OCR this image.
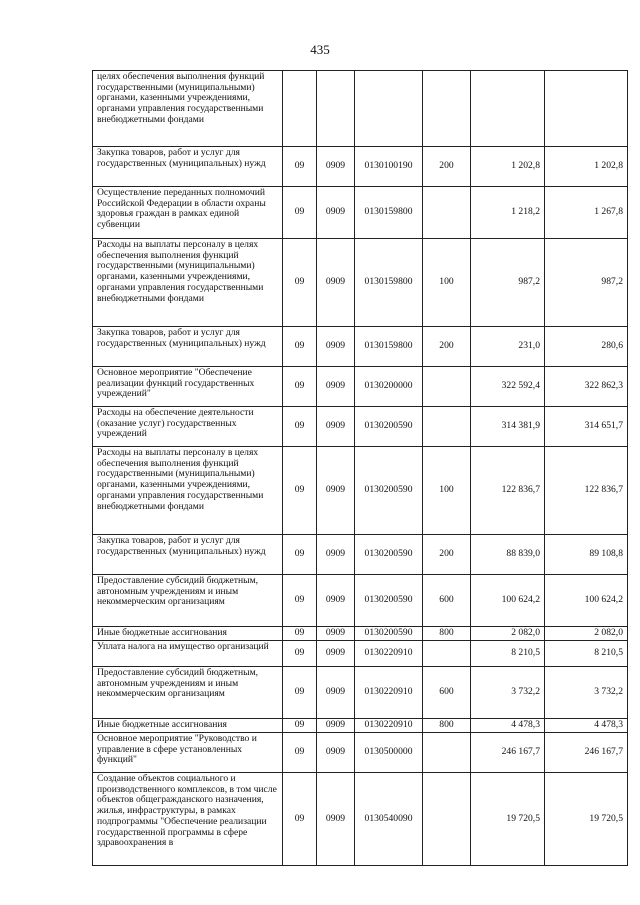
435
целях обеспечения выполнения функций государственными (муниципальными) органами, казенными учреждениями, органами управления государственными внебюджетными фондами						
Закупка товаров, работ и услуг для государственных (муниципальных) нужд	09	0909	0130100190	200	1 202,8	1 202,8
Осуществление переданных полномочий Российской Федерации в области охраны здоровья граждан в рамках единой субвенции	09	0909	0130159800		1 218,2	1 267,8
Расходы на выплаты персоналу в целях обеспечения выполнения функций государственными (муниципальными) органами, казенными учреждениями, органами управления государственными внебюджетными фондами	09	0909	0130159800	100	987,2	987,2
Закупка товаров, работ и услуг для государственных (муниципальных) нужд	09	0909	0130159800	200	231,0	280,6
Основное мероприятие "Обеспечение реализации функций государственных учреждений"	09	0909	0130200000		322 592,4	322 862,3
Расходы на обеспечение деятельности (оказание услуг) государственных учреждений	09	0909	0130200590		314 381,9	314 651,7
Расходы на выплаты персоналу в целях обеспечения выполнения функций государственными (муниципальными) органами, казенными учреждениями, органами управления государственными внебюджетными фондами	09	0909	0130200590	100	122 836,7	122 836,7
Закупка товаров, работ и услуг для государственных (муниципальных) нужд	09	0909	0130200590	200	88 839,0	89 108,8
Предоставление субсидий бюджетным, автономным учреждениям и иным некоммерческим организациям	09	0909	0130200590	600	100 624,2	100 624,2
Иные бюджетные ассигнования	09	0909	0130200590	800	2 082,0	2 082,0
Уплата налога на имущество организаций	09	0909	0130220910		8 210,5	8 210,5
Предоставление субсидий бюджетным, автономным учреждениям и иным некоммерческим организациям	09	0909	0130220910	600	3 732,2	3 732,2
Иные бюджетные ассигнования	09	0909	0130220910	800	4 478,3	4 478,3
Основное мероприятие "Руководство и управление в сфере установленных функций"	09	0909	0130500000		246 167,7	246 167,7
Создание объектов социального и производственного комплексов, в том числе объектов общегражданского назначения, жилья, инфраструктуры, в рамках подпрограммы "Обеспечение реализации государственной программы в сфере здравоохранения в	09	0909	0130540090		19 720,5	19 720,5
